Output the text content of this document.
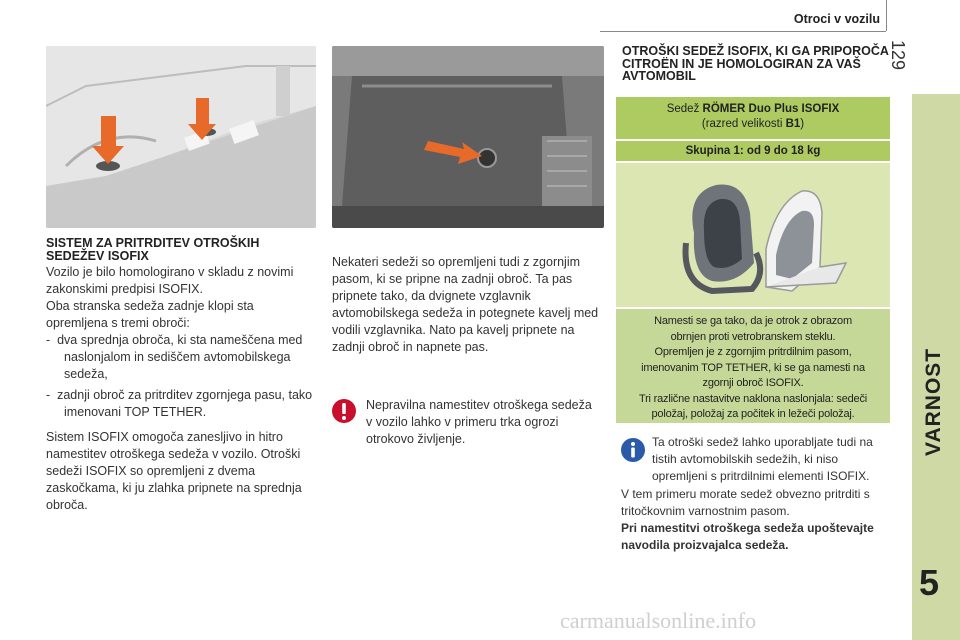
Otroci v vozilu
129
VARNOST
5
SISTEM ZA PRITRDITEV OTROŠKIH SEDEŽEV ISOFIX

Vozilo je bilo homologirano v skladu z novimi zakonskimi predpisi ISOFIX.

Oba stranska sedeža zadnje klopi sta opremljena s tremi obroči:

-  dva sprednja obroča, ki sta nameščena med naslonjalom in sediščem avtomobilskega sedeža,

-  zadnji obroč za pritrditev zgornjega pasu, tako imenovani TOP TETHER.

Sistem ISOFIX omogoča zanesljivo in hitro namestitev otroškega sedeža v vozilo. Otroški sedeži ISOFIX so opremljeni z dvema zaskočkama, ki ju zlahka pripnete na sprednja obroča.

Nekateri sedeži so opremljeni tudi z zgornjim pasom, ki se pripne na zadnji obroč. Ta pas pripnete tako, da dvignete vzglavnik avtomobilskega sedeža in potegnete kavelj med vodili vzglavnika. Nato pa kavelj pripnete na zadnji obroč in napnete pas.
Nepravilna namestitev otroškega sedeža v vozilo lahko v primeru trka ogrozi otrokovo življenje.
OTROŠKI SEDEŽ ISOFIX, KI GA PRIPOROČA CITROËN IN JE HOMOLOGIRAN ZA VAŠ AVTOMOBIL
Sedež RÖMER Duo Plus ISOFIX
(razred velikosti B1)
Skupina 1: od 9 do 18 kg
Namesti se ga tako, da je otrok z obrazom
obrnjen proti vetrobranskem steklu.
Opremljen je z zgornjim pritrdilnim pasom,
imenovanim TOP TETHER, ki se ga namesti na
zgornji obroč ISOFIX.
Tri različne nastavitve naklona naslonjala: sedeči
položaj, položaj za počitek in ležeči položaj.
Ta otroški sedež lahko uporabljate tudi na tistih avtomobilskih sedežih, ki niso opremljeni s pritrdilnimi elementi ISOFIX.

V tem primeru morate sedež obvezno pritrditi s tritočkovnim varnostnim pasom.

Pri namestitvi otroškega sedeža upoštevajte navodila proizvajalca sedeža.

carmanualsonline.info
